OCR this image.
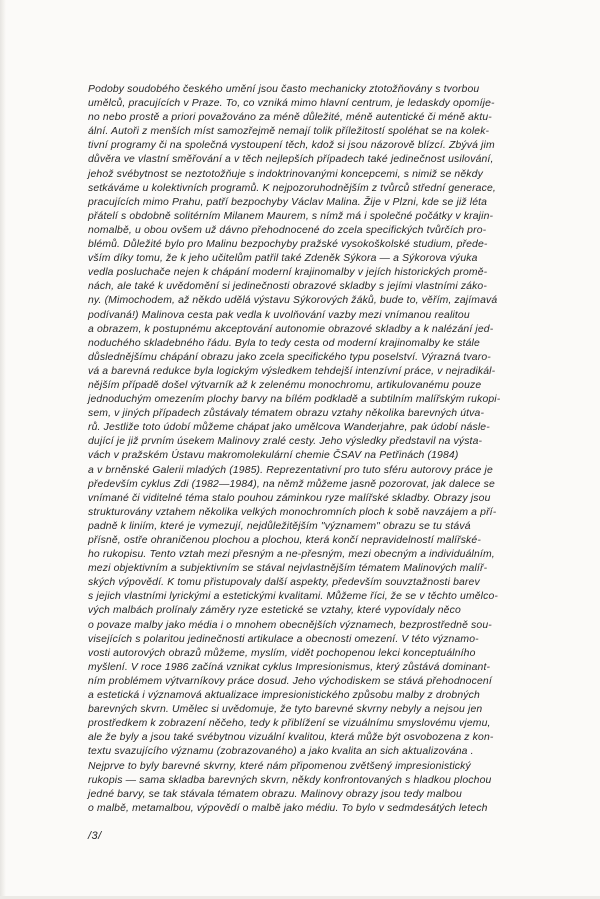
Podoby soudobého českého umění jsou často mechanicky ztotožňovány s tvorbou
umělců, pracujících v Praze. To, co vzniká mimo hlavní centrum, je ledaskdy opomíje-
no nebo prostě a priori považováno za méně důležité, méně autentické či méně aktu-
ální. Autoři z menších míst samozřejmě nemají tolik příležitostí spoléhat se na kolek-
tivní programy či na společná vystoupení těch, kdož si jsou názorově blízcí. Zbývá jim
důvěra ve vlastní směřování a v těch nejlepších případech také jedinečnost usilování,
jehož svébytnost se neztotožňuje s indoktrinovanými koncepcemi, s nimiž se někdy
setkáváme u kolektivních programů. K nejpozoruhodnějším z tvůrců střední generace,
pracujících mimo Prahu, patří bezpochyby Václav Malina. Žije v Plzni, kde se již léta
přátelí s obdobně solitérním Milanem Maurem, s nímž má i společné počátky v krajin-
nomalbě, u obou ovšem už dávno přehodnocené do zcela specifických tvůrčích pro-
blémů. Důležité bylo pro Malinu bezpochyby pražské vysokoškolské studium, přede-
vším díky tomu, že k jeho učitelům patřil také Zdeněk Sýkora — a Sýkorova výuka
vedla posluchače nejen k chápání moderní krajinomalby v jejích historických promě-
nách, ale také k uvědomění si jedinečnosti obrazové skladby s jejími vlastními záko-
ny. (Mimochodem, až někdo udělá výstavu Sýkorových žáků, bude to, věřím, zajímavá
podívaná!) Malinova cesta pak vedla k uvolňování vazby mezi vnímanou realitou
a obrazem, k postupnému akceptování autonomie obrazové skladby a k nalézání jed-
noduchého skladebného řádu. Byla to tedy cesta od moderní krajinomalby ke stále
důslednějšímu chápání obrazu jako zcela specifického typu poselství. Výrazná tvaro-
vá a barevná redukce byla logickým výsledkem tehdejší intenzívní práce, v nejradikál-
nějším případě došel výtvarník až k zelenému monochromu, artikulovanému pouze
jednoduchým omezením plochy barvy na bílém podkladě a subtilním malířským rukopi-
sem, v jiných případech zůstávaly tématem obrazu vztahy několika barevných útva-
rů. Jestliže toto údobí můžeme chápat jako umělcova Wanderjahre, pak údobí násle-
dující je již prvním úsekem Malinovy zralé cesty. Jeho výsledky představil na výsta-
vách v pražském Ústavu makromolekulární chemie ČSAV na Petřinách (1984)
a v brněnské Galerii mladých (1985). Reprezentativní pro tuto sféru autorovy práce je
především cyklus Zdi (1982—1984), na němž můžeme jasně pozorovat, jak dalece se
vnímané či viditelné téma stalo pouhou záminkou ryze malířské skladby. Obrazy jsou
strukturovány vztahem několika velkých monochromních ploch k sobě navzájem a pří-
padně k liniím, které je vymezují, nejdůležitějším "významem" obrazu se tu stává
přísně, ostře ohraničenou plochou a plochou, která končí nepravidelností malířské-
ho rukopisu. Tento vztah mezi přesným a ne-přesným, mezi obecným a individuálním,
mezi objektivním a subjektivním se stával nejvlastnějším tématem Malinových malíř-
ských výpovědí. K tomu přistupovaly další aspekty, především souvztažnosti barev
s jejich vlastními lyrickými a estetickými kvalitami. Můžeme říci, že se v těchto umělco-
vých malbách prolínaly záměry ryze estetické se vztahy, které vypovídaly něco
o povaze malby jako média i o mnohem obecnějších významech, bezprostředně sou-
visejících s polaritou jedinečnosti artikulace a obecnosti omezení. V této významo-
vosti autorových obrazů můžeme, myslím, vidět pochopenou lekci konceptuálního
myšlení. V roce 1986 začíná vznikat cyklus Impresionismus, který zůstává dominant-
ním problémem výtvarníkovy práce dosud. Jeho východiskem se stává přehodnocení
a estetická i významová aktualizace impresionistického způsobu malby z drobných
barevných skvrn. Umělec si uvědomuje, že tyto barevné skvrny nebyly a nejsou jen
prostředkem k zobrazení něčeho, tedy k přiblížení se vizuálnímu smyslovému vjemu,
ale že byly a jsou také svébytnou vizuální kvalitou, která může být osvobozena z kon-
textu svazujícího významu (zobrazovaného) a jako kvalita an sich aktualizována .
Nejprve to byly barevné skvrny, které nám připomenou zvětšený impresionistický
rukopis — sama skladba barevných skvrn, někdy konfrontovaných s hladkou plochou
jedné barvy, se tak stávala tématem obrazu. Malinovy obrazy jsou tedy malbou
o malbě, metamalbou, výpovědí o malbě jako médiu. To bylo v sedmdesátých letech
/3/
